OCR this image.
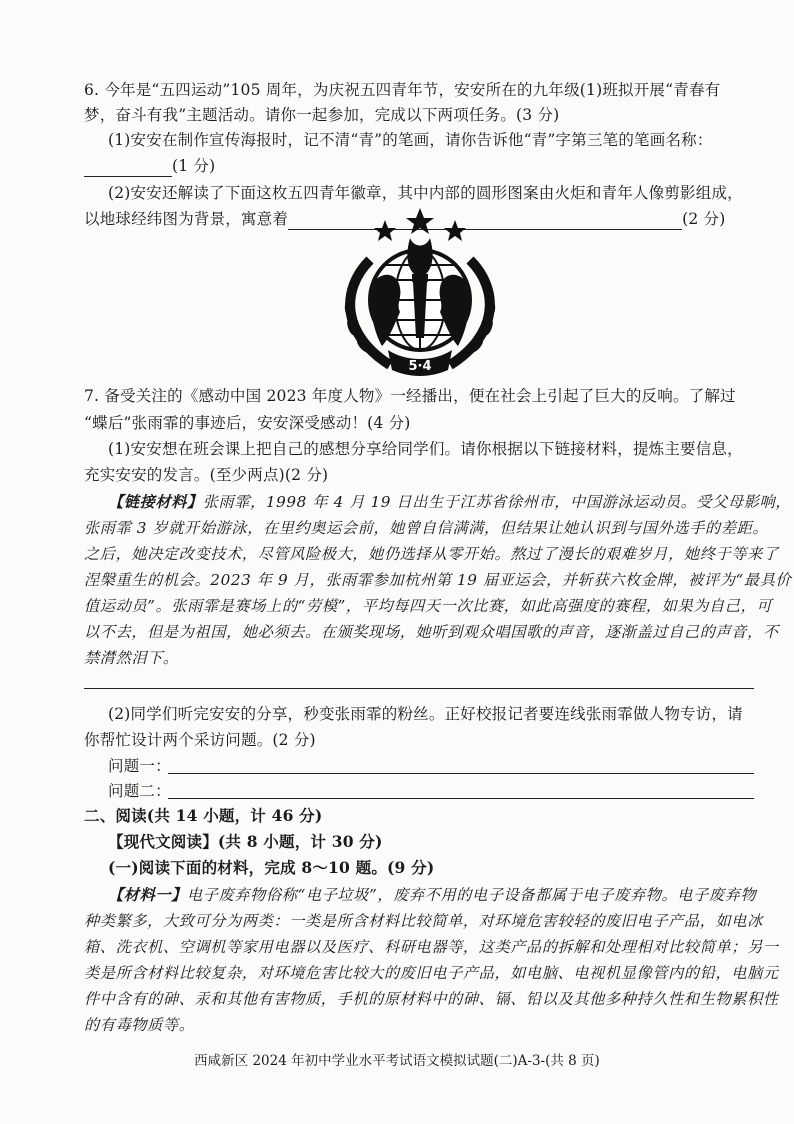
6. 今年是“五四运动”105 周年，为庆祝五四青年节，安安所在的九年级(1)班拟开展“青春有
梦，奋斗有我”主题活动。请你一起参加，完成以下两项任务。(3 分)
(1)安安在制作宣传海报时，记不清“青”的笔画，请你告诉他“青”字第三笔的笔画名称：
(1 分)
(2)安安还解读了下面这枚五四青年徽章，其中内部的圆形图案由火炬和青年人像剪影组成，
以地球经纬图为背景，寓意着	(2 分)
5·4
7. 备受关注的《感动中国 2023 年度人物》一经播出，便在社会上引起了巨大的反响。了解过
“蝶后”张雨霏的事迹后，安安深受感动！(4 分)
(1)安安想在班会课上把自己的感想分享给同学们。请你根据以下链接材料，提炼主要信息，
充实安安的发言。(至少两点)(2 分)
【链接材料】张雨霏，1998 年 4 月 19 日出生于江苏省徐州市，中国游泳运动员。受父母影响，
张雨霏 3 岁就开始游泳，在里约奥运会前，她曾自信满满，但结果让她认识到与国外选手的差距。
之后，她决定改变技术，尽管风险极大，她仍选择从零开始。熬过了漫长的艰难岁月，她终于等来了
涅槃重生的机会。2023 年 9 月，张雨霏参加杭州第 19 届亚运会，并斩获六枚金牌，被评为“最具价
值运动员”。张雨霏是赛场上的“劳模”，平均每四天一次比赛，如此高强度的赛程，如果为自己，可
以不去，但是为祖国，她必须去。在颁奖现场，她听到观众唱国歌的声音，逐渐盖过自己的声音，不
禁潸然泪下。
(2)同学们听完安安的分享，秒变张雨霏的粉丝。正好校报记者要连线张雨霏做人物专访，请
你帮忙设计两个采访问题。(2 分)
问题一：
问题二：
二、阅读(共 14 小题，计 46 分)
【现代文阅读】(共 8 小题，计 30 分)
(一)阅读下面的材料，完成 8～10 题。(9 分)
【材料一】电子废弃物俗称“电子垃圾”，废弃不用的电子设备都属于电子废弃物。电子废弃物
种类繁多，大致可分为两类：一类是所含材料比较简单，对环境危害较轻的废旧电子产品，如电冰
箱、洗衣机、空调机等家用电器以及医疗、科研电器等，这类产品的拆解和处理相对比较简单；另一
类是所含材料比较复杂，对环境危害比较大的废旧电子产品，如电脑、电视机显像管内的铅，电脑元
件中含有的砷、汞和其他有害物质，手机的原材料中的砷、镉、铅以及其他多种持久性和生物累积性
的有毒物质等。
西咸新区 2024 年初中学业水平考试语文模拟试题(二)A-3-(共 8 页)
